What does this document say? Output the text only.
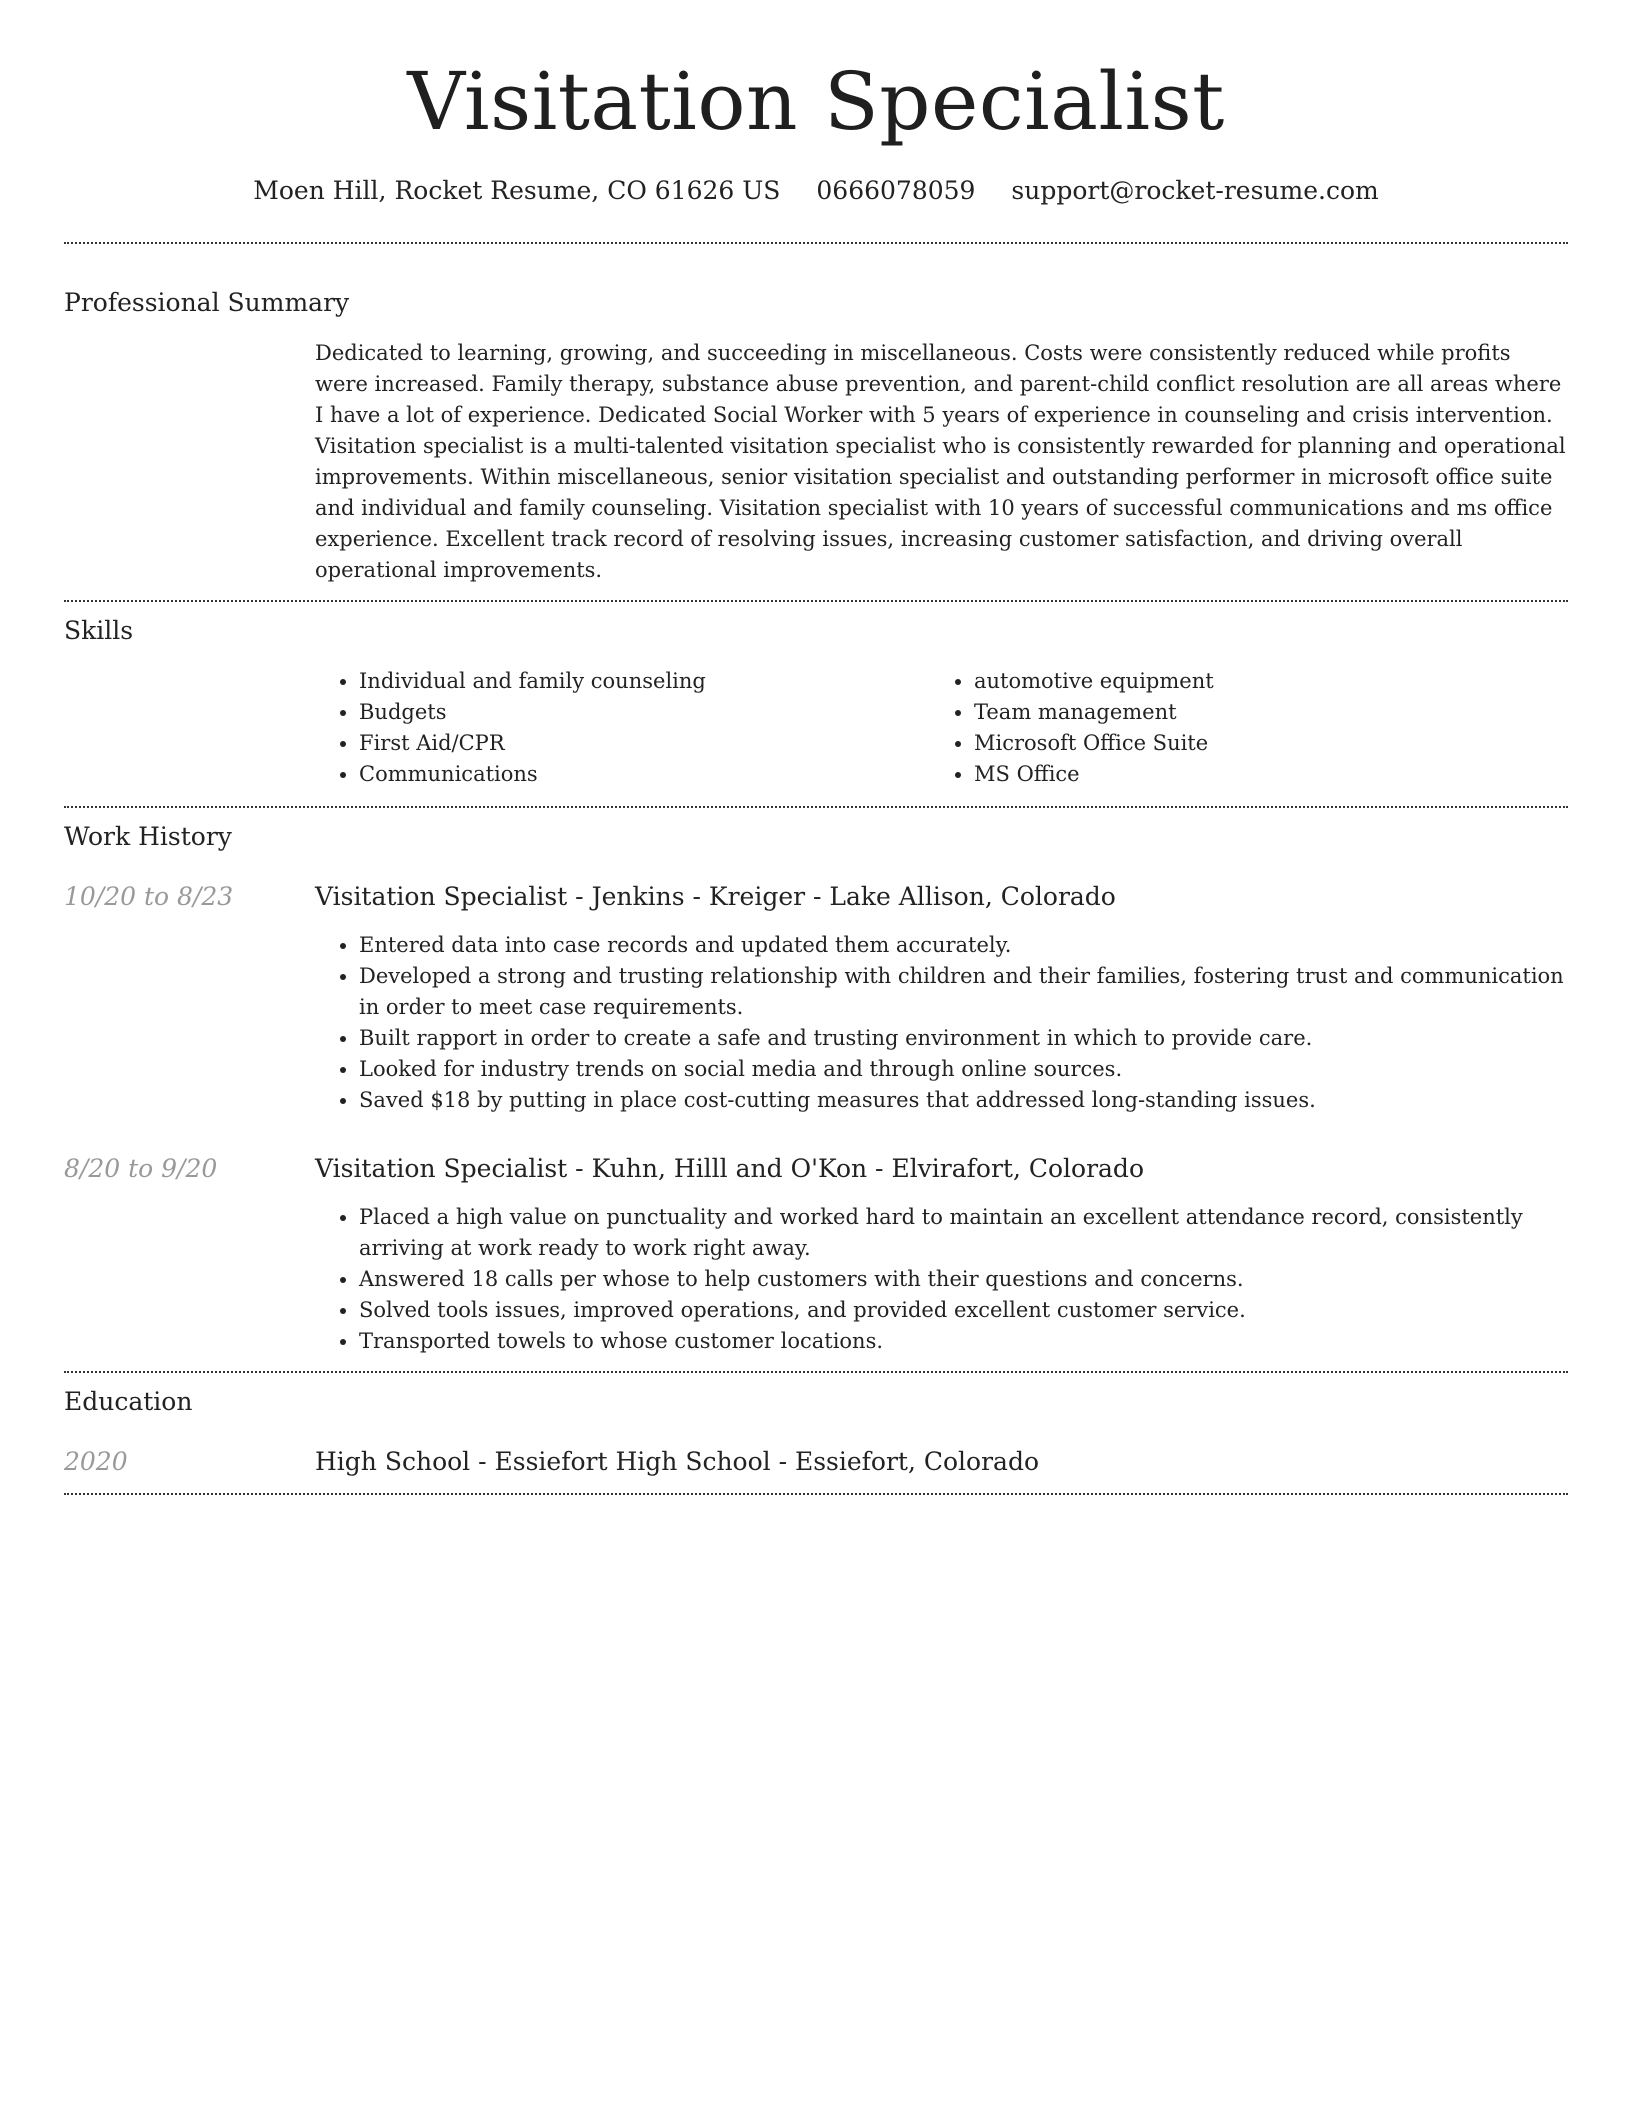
Visitation Specialist
Moen Hill, Rocket Resume, CO 61626 US 0666078059 support@rocket-resume.com
Professional Summary
Dedicated to learning, growing, and succeeding in miscellaneous. Costs were consistently reduced while profits were increased. Family therapy, substance abuse prevention, and parent-child conflict resolution are all areas where I have a lot of experience. Dedicated Social Worker with 5 years of experience in counseling and crisis intervention. Visitation specialist is a multi-talented visitation specialist who is consistently rewarded for planning and operational improvements. Within miscellaneous, senior visitation specialist and outstanding performer in microsoft office suite and individual and family counseling. Visitation specialist with 10 years of successful communications and ms office experience. Excellent track record of resolving issues, increasing customer satisfaction, and driving overall operational improvements.
Skills
• Individual and family counseling
• Budgets
• First Aid/CPR
• Communications
• automotive equipment
• Team management
• Microsoft Office Suite
• MS Office
Work History
10/20 to 8/23	Visitation Specialist - Jenkins - Kreiger - Lake Allison, Colorado
• Entered data into case records and updated them accurately.
• Developed a strong and trusting relationship with children and their families, fostering trust and communication in order to meet case requirements.
• Built rapport in order to create a safe and trusting environment in which to provide care.
• Looked for industry trends on social media and through online sources.
• Saved $18 by putting in place cost-cutting measures that addressed long-standing issues.
8/20 to 9/20	Visitation Specialist - Kuhn, Hilll and O'Kon - Elvirafort, Colorado
• Placed a high value on punctuality and worked hard to maintain an excellent attendance record, consistently arriving at work ready to work right away.
• Answered 18 calls per whose to help customers with their questions and concerns.
• Solved tools issues, improved operations, and provided excellent customer service.
• Transported towels to whose customer locations.
Education
2020	High School - Essiefort High School - Essiefort, Colorado
